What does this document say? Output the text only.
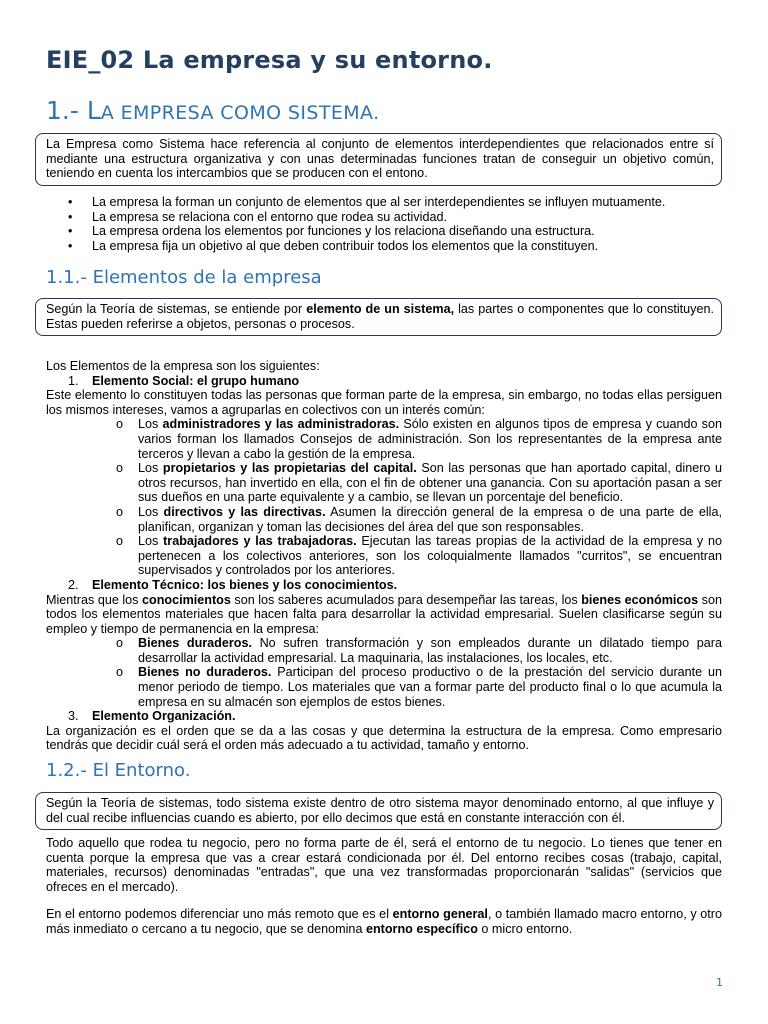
EIE_02 La empresa y su entorno.
1.- LA EMPRESA COMO SISTEMA.

La Empresa como Sistema hace referencia al conjunto de elementos interdependientes que relacionados entre sí mediante una estructura organizativa y con unas determinadas funciones tratan de conseguir un objetivo común, teniendo en cuenta los intercambios que se producen con el entono.

• La empresa la forman un conjunto de elementos que al ser interdependientes se influyen mutuamente.
• La empresa se relaciona con el entorno que rodea su actividad.
• La empresa ordena los elementos por funciones y los relaciona diseñando una estructura.
• La empresa fija un objetivo al que deben contribuir todos los elementos que la constituyen.
1.1.- Elementos de la empresa

Según la Teoría de sistemas, se entiende por elemento de un sistema, las partes o componentes que lo constituyen. Estas pueden referirse a objetos, personas o procesos.

Los Elementos de la empresa son los siguientes:

1. Elemento Social: el grupo humano

Este elemento lo constituyen todas las personas que forman parte de la empresa, sin embargo, no todas ellas persiguen los mismos intereses, vamos a agruparlas en colectivos con un interés común:

o Los administradores y las administradoras. Sólo existen en algunos tipos de empresa y cuando son varios forman los llamados Consejos de administración. Son los representantes de la empresa ante terceros y llevan a cabo la gestión de la empresa.
o Los propietarios y las propietarias del capital. Son las personas que han aportado capital, dinero u otros recursos, han invertido en ella, con el fin de obtener una ganancia. Con su aportación pasan a ser sus dueños en una parte equivalente y a cambio, se llevan un porcentaje del beneficio.
o Los directivos y las directivas. Asumen la dirección general de la empresa o de una parte de ella, planifican, organizan y toman las decisiones del área del que son responsables.
o Los trabajadores y las trabajadoras. Ejecutan las tareas propias de la actividad de la empresa y no pertenecen a los colectivos anteriores, son los coloquialmente llamados "curritos", se encuentran supervisados y controlados por los anteriores.

2. Elemento Técnico: los bienes y los conocimientos.

Mientras que los conocimientos son los saberes acumulados para desempeñar las tareas, los bienes económicos son todos los elementos materiales que hacen falta para desarrollar la actividad empresarial. Suelen clasificarse según su empleo y tiempo de permanencia en la empresa:

o Bienes duraderos. No sufren transformación y son empleados durante un dilatado tiempo para desarrollar la actividad empresarial. La maquinaria, las instalaciones, los locales, etc.
o Bienes no duraderos. Participan del proceso productivo o de la prestación del servicio durante un menor periodo de tiempo. Los materiales que van a formar parte del producto final o lo que acumula la empresa en su almacén son ejemplos de estos bienes.

3. Elemento Organización.

La organización es el orden que se da a las cosas y que determina la estructura de la empresa. Como empresario tendrás que decidir cuál será el orden más adecuado a tu actividad, tamaño y entorno.

1.2.- El Entorno.

Según la Teoría de sistemas, todo sistema existe dentro de otro sistema mayor denominado entorno, al que influye y del cual recibe influencias cuando es abierto, por ello decimos que está en constante interacción con él.

Todo aquello que rodea tu negocio, pero no forma parte de él, será el entorno de tu negocio. Lo tienes que tener en cuenta porque la empresa que vas a crear estará condicionada por él. Del entorno recibes cosas (trabajo, capital, materiales, recursos) denominadas "entradas", que una vez transformadas proporcionarán "salidas" (servicios que ofreces en el mercado).

En el entorno podemos diferenciar uno más remoto que es el entorno general, o también llamado macro entorno, y otro más inmediato o cercano a tu negocio, que se denomina entorno específico o micro entorno.

1
